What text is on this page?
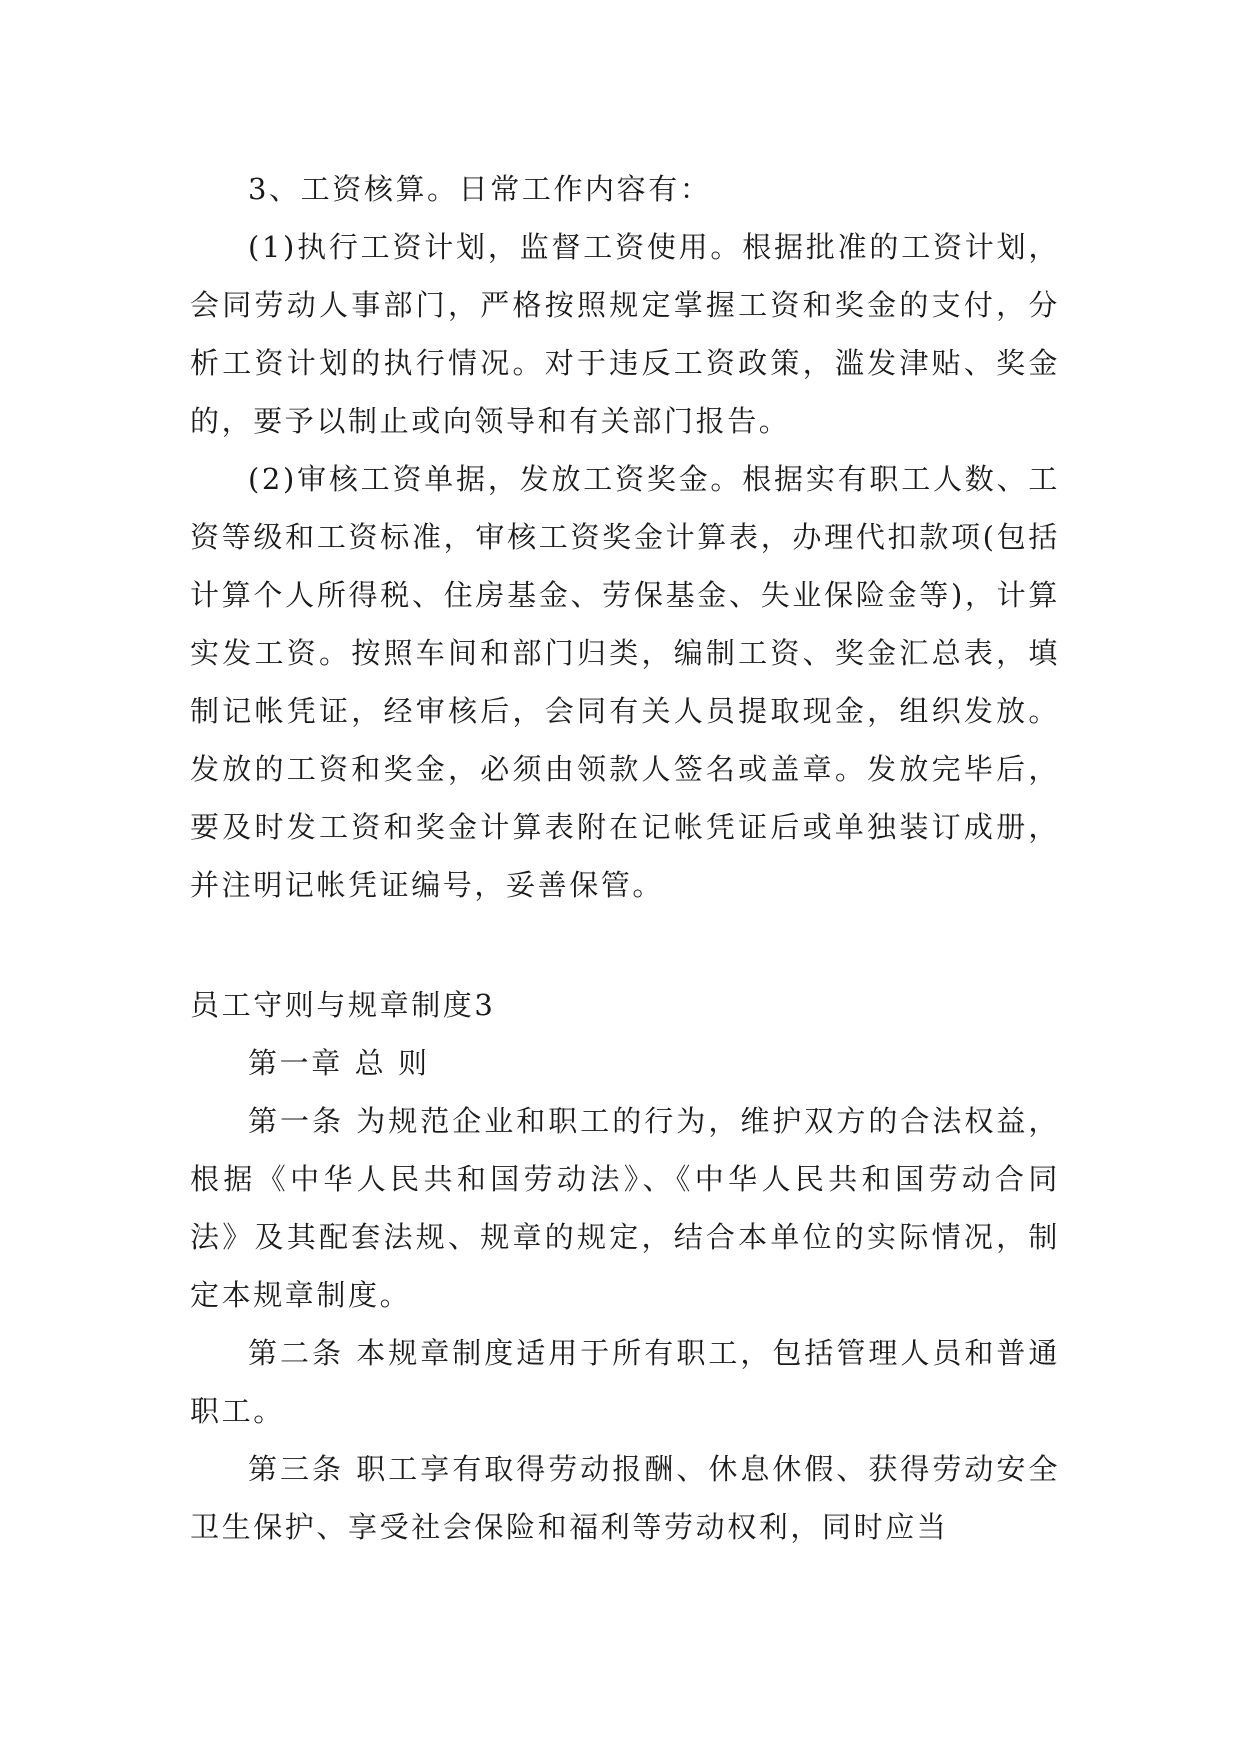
3、工资核算。日常工作内容有：

(1)执行工资计划，监督工资使用。根据批准的工资计划，会同劳动人事部门，严格按照规定掌握工资和奖金的支付，分析工资计划的执行情况。对于违反工资政策，滥发津贴、奖金的，要予以制止或向领导和有关部门报告。

(2)审核工资单据，发放工资奖金。根据实有职工人数、工资等级和工资标准，审核工资奖金计算表，办理代扣款项(包括计算个人所得税、住房基金、劳保基金、失业保险金等)，计算实发工资。按照车间和部门归类，编制工资、奖金汇总表，填制记帐凭证，经审核后，会同有关人员提取现金，组织发放。发放的工资和奖金，必须由领款人签名或盖章。发放完毕后，要及时发工资和奖金计算表附在记帐凭证后或单独装订成册，并注明记帐凭证编号，妥善保管。

员工守则与规章制度3

第一章 总 则

第一条 为规范企业和职工的行为，维护双方的合法权益，根据《中华人民共和国劳动法》、《中华人民共和国劳动合同法》及其配套法规、规章的规定，结合本单位的实际情况，制定本规章制度。

第二条 本规章制度适用于所有职工，包括管理人员和普通职工。

第三条 职工享有取得劳动报酬、休息休假、获得劳动安全卫生保护、享受社会保险和福利等劳动权利，同时应当
